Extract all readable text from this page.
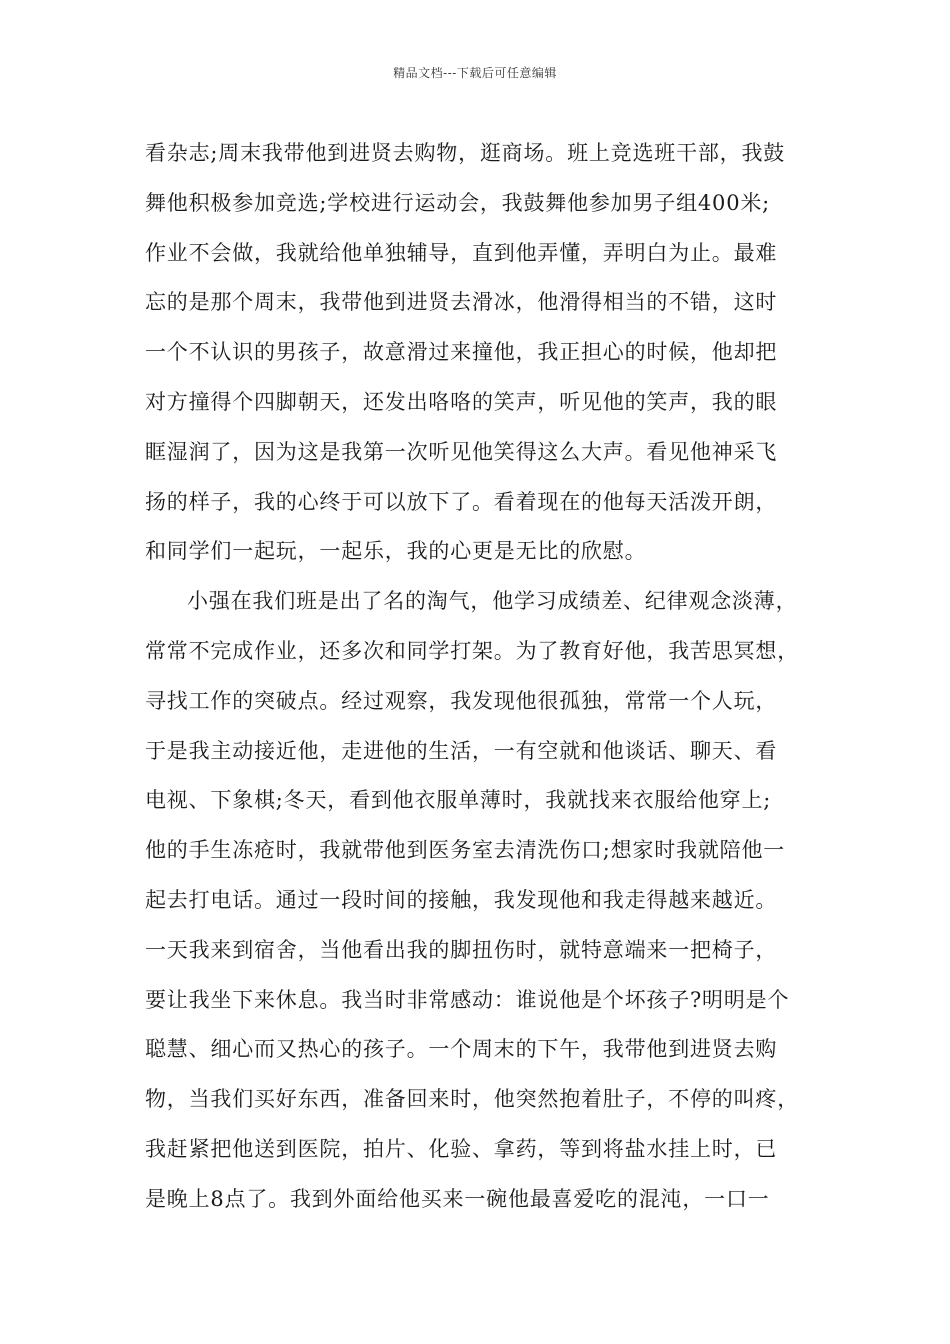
精品文档---下载后可任意编辑
看杂志;周末我带他到进贤去购物，逛商场。班上竞选班干部，我鼓
舞他积极参加竞选;学校进行运动会，我鼓舞他参加男子组400米;
作业不会做，我就给他单独辅导，直到他弄懂，弄明白为止。最难
忘的是那个周末，我带他到进贤去滑冰，他滑得相当的不错，这时
一个不认识的男孩子，故意滑过来撞他，我正担心的时候，他却把
对方撞得个四脚朝天，还发出咯咯的笑声，听见他的笑声，我的眼
眶湿润了，因为这是我第一次听见他笑得这么大声。看见他神采飞
扬的样子，我的心终于可以放下了。看着现在的他每天活泼开朗，
和同学们一起玩，一起乐，我的心更是无比的欣慰。
小强在我们班是出了名的淘气，他学习成绩差、纪律观念淡薄，
常常不完成作业，还多次和同学打架。为了教育好他，我苦思冥想，
寻找工作的突破点。经过观察，我发现他很孤独，常常一个人玩，
于是我主动接近他，走进他的生活，一有空就和他谈话、聊天、看
电视、下象棋;冬天，看到他衣服单薄时，我就找来衣服给他穿上;
他的手生冻疮时，我就带他到医务室去清洗伤口;想家时我就陪他一
起去打电话。通过一段时间的接触，我发现他和我走得越来越近。
一天我来到宿舍，当他看出我的脚扭伤时，就特意端来一把椅子，
要让我坐下来休息。我当时非常感动：谁说他是个坏孩子?明明是个
聪慧、细心而又热心的孩子。一个周末的下午，我带他到进贤去购
物，当我们买好东西，准备回来时，他突然抱着肚子，不停的叫疼，
我赶紧把他送到医院，拍片、化验、拿药，等到将盐水挂上时，已
是晚上8点了。我到外面给他买来一碗他最喜爱吃的混沌，一口一
